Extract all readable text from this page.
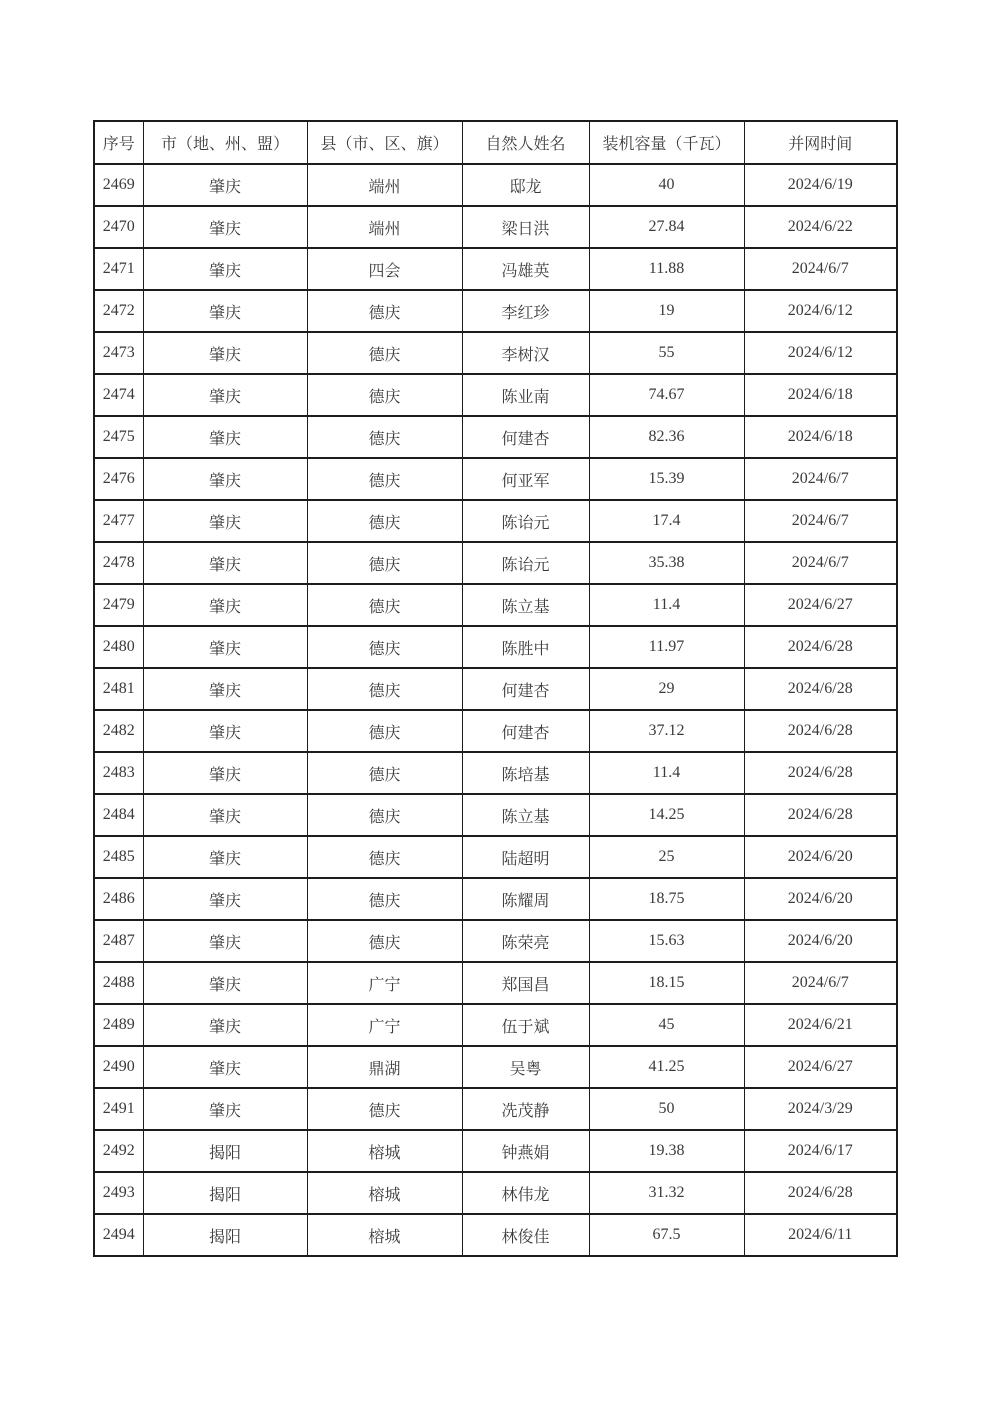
序号	市（地、州、盟）	县（市、区、旗）	自然人姓名	装机容量（千瓦）	并网时间
2469	肇庆	端州	邸龙	40	2024/6/19
2470	肇庆	端州	梁日洪	27.84	2024/6/22
2471	肇庆	四会	冯雄英	11.88	2024/6/7
2472	肇庆	德庆	李红珍	19	2024/6/12
2473	肇庆	德庆	李树汉	55	2024/6/12
2474	肇庆	德庆	陈业南	74.67	2024/6/18
2475	肇庆	德庆	何建杏	82.36	2024/6/18
2476	肇庆	德庆	何亚军	15.39	2024/6/7
2477	肇庆	德庆	陈诒元	17.4	2024/6/7
2478	肇庆	德庆	陈诒元	35.38	2024/6/7
2479	肇庆	德庆	陈立基	11.4	2024/6/27
2480	肇庆	德庆	陈胜中	11.97	2024/6/28
2481	肇庆	德庆	何建杏	29	2024/6/28
2482	肇庆	德庆	何建杏	37.12	2024/6/28
2483	肇庆	德庆	陈培基	11.4	2024/6/28
2484	肇庆	德庆	陈立基	14.25	2024/6/28
2485	肇庆	德庆	陆超明	25	2024/6/20
2486	肇庆	德庆	陈耀周	18.75	2024/6/20
2487	肇庆	德庆	陈荣亮	15.63	2024/6/20
2488	肇庆	广宁	郑国昌	18.15	2024/6/7
2489	肇庆	广宁	伍于斌	45	2024/6/21
2490	肇庆	鼎湖	吴粤	41.25	2024/6/27
2491	肇庆	德庆	冼茂静	50	2024/3/29
2492	揭阳	榕城	钟燕娟	19.38	2024/6/17
2493	揭阳	榕城	林伟龙	31.32	2024/6/28
2494	揭阳	榕城	林俊佳	67.5	2024/6/11
